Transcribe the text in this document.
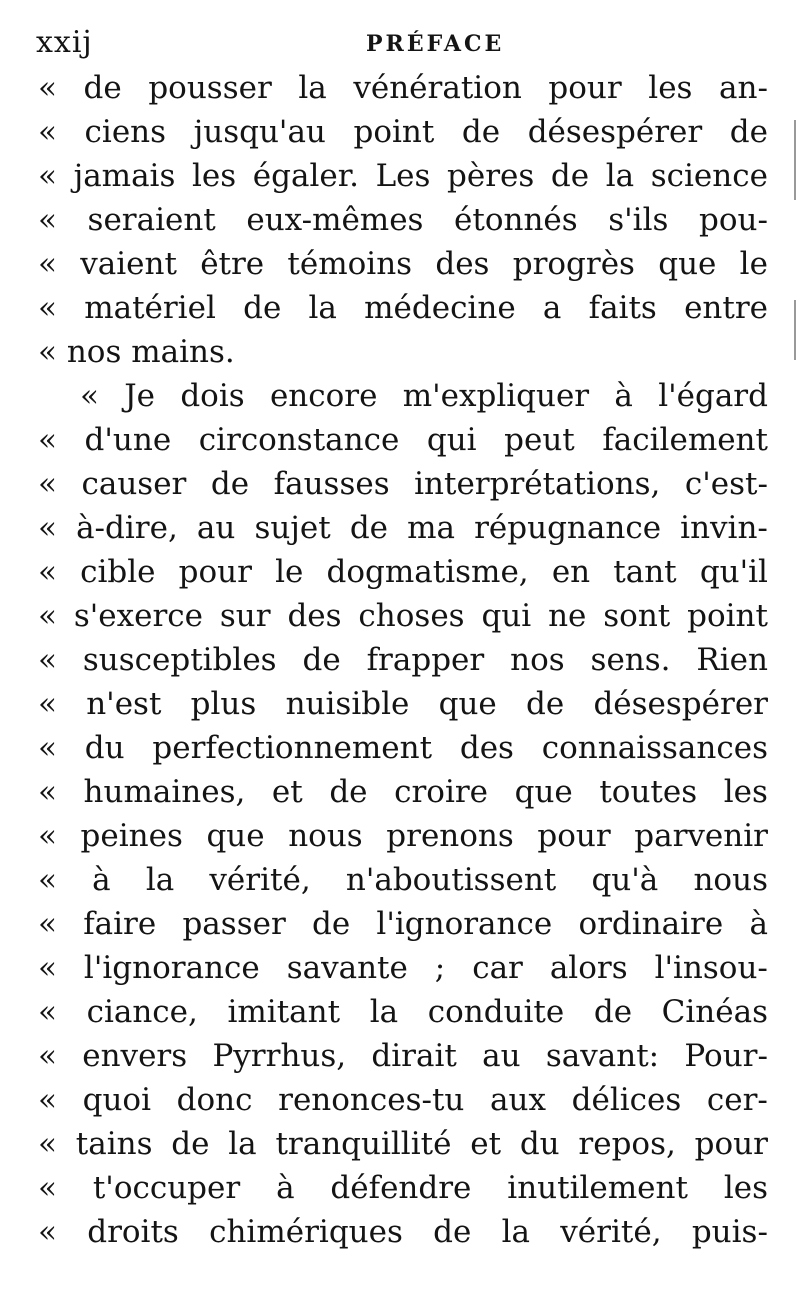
xxij	PRÉFACE
« de pousser la vénération pour les an-
« ciens jusqu'au point de désespérer de
« jamais les égaler. Les pères de la science
« seraient eux-mêmes étonnés s'ils pou-
« vaient être témoins des progrès que le
« matériel de la médecine a faits entre
« nos mains.
« Je dois encore m'expliquer à l'égard
« d'une circonstance qui peut facilement
« causer de fausses interprétations, c'est-
« à-dire, au sujet de ma répugnance invin-
« cible pour le dogmatisme, en tant qu'il
« s'exerce sur des choses qui ne sont point
« susceptibles de frapper nos sens. Rien
« n'est plus nuisible que de désespérer
« du perfectionnement des connaissances
« humaines, et de croire que toutes les
« peines que nous prenons pour parvenir
« à la vérité, n'aboutissent qu'à nous
« faire passer de l'ignorance ordinaire à
« l'ignorance savante ; car alors l'insou-
« ciance, imitant la conduite de Cinéas
« envers Pyrrhus, dirait au savant: Pour-
« quoi donc renonces-tu aux délices cer-
« tains de la tranquillité et du repos, pour
« t'occuper à défendre inutilement les
« droits chimériques de la vérité, puis-
